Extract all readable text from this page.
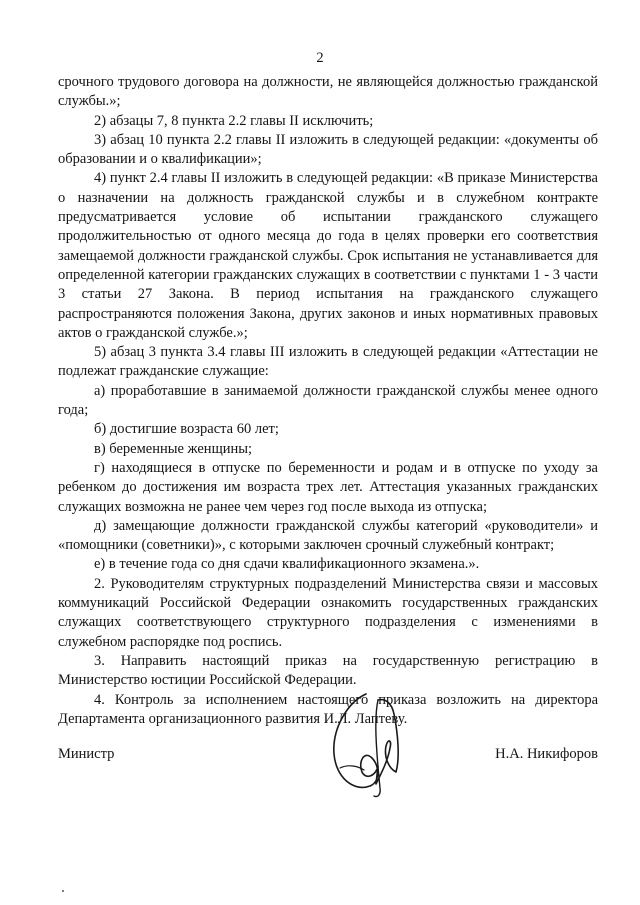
2

срочного трудового договора на должности, не являющейся должностью гражданской службы.»;

2) абзацы 7, 8 пункта 2.2 главы II исключить;

3) абзац 10 пункта 2.2 главы II изложить в следующей редакции: «документы об образовании и о квалификации»;

4) пункт 2.4 главы II изложить в следующей редакции: «В приказе Министерства о назначении на должность гражданской службы и в служебном контракте предусматривается условие об испытании гражданского служащего продолжительностью от одного месяца до года в целях проверки его соответствия замещаемой должности гражданской службы. Срок испытания не устанавливается для определенной категории гражданских служащих в соответствии с пунктами 1 - 3 части 3 статьи 27 Закона. В период испытания на гражданского служащего распространяются положения Закона, других законов и иных нормативных правовых актов о гражданской службе.»;

5) абзац 3 пункта 3.4 главы III изложить в следующей редакции «Аттестации не подлежат гражданские служащие:

а) проработавшие в занимаемой должности гражданской службы менее одного года;

б) достигшие возраста 60 лет;

в) беременные женщины;

г) находящиеся в отпуске по беременности и родам и в отпуске по уходу за ребенком до достижения им возраста трех лет. Аттестация указанных гражданских служащих возможна не ранее чем через год после выхода из отпуска;

д) замещающие должности гражданской службы категорий «руководители» и «помощники (советники)», с которыми заключен срочный служебный контракт;

е) в течение года со дня сдачи квалификационного экзамена.».

2. Руководителям структурных подразделений Министерства связи и массовых коммуникаций Российской Федерации ознакомить государственных гражданских служащих соответствующего структурного подразделения с изменениями в служебном распорядке под роспись.

3. Направить настоящий приказ на государственную регистрацию в Министерство юстиции Российской Федерации.

4. Контроль за исполнением настоящего приказа возложить на директора Департамента организационного развития И.Л. Лаптеву.

Министр	Н.А. Никифоров
